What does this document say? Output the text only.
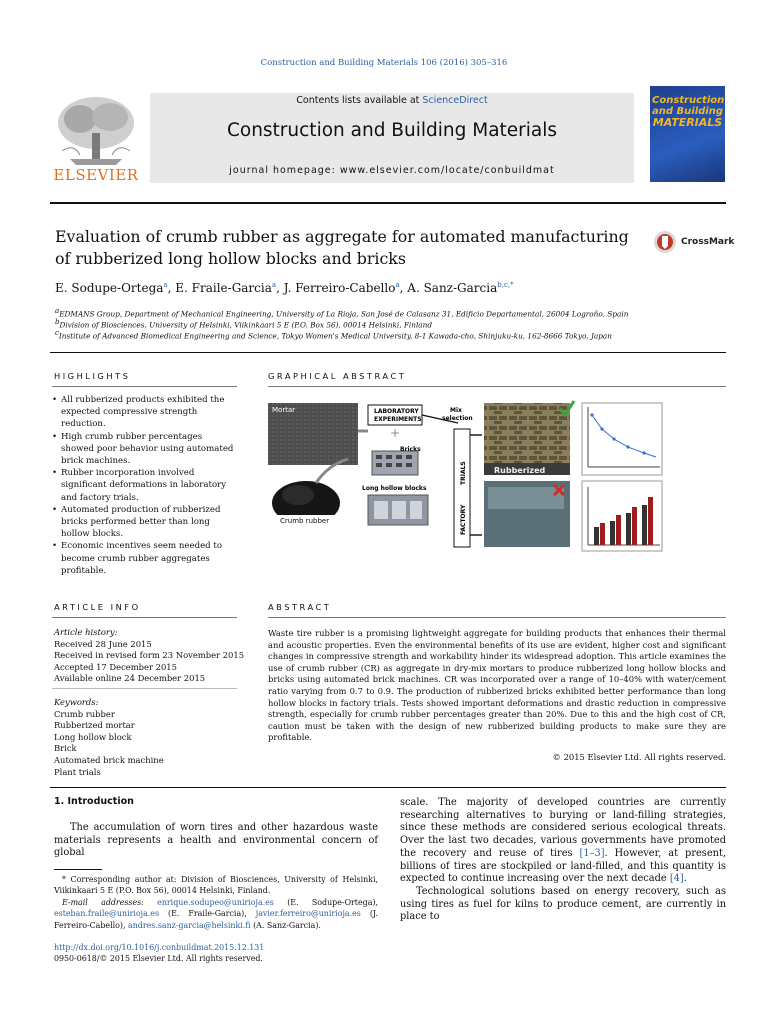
Construction and Building Materials 106 (2016) 305–316
ELSEVIER
Contents lists available at ScienceDirect
Construction and Building Materials
journal homepage: www.elsevier.com/locate/conbuildmat
Construction
and Building
MATERIALS
Evaluation of crumb rubber as aggregate for automated manufacturing of rubberized long hollow blocks and bricks
CrossMark
E. Sodupe-Ortega$^a$, E. Fraile-Garcia$^a$, J. Ferreiro-Cabello$^a$, A. Sanz-Garcia$^{b,c,*}$
$^a$EDMANS Group, Department of Mechanical Engineering, University of La Rioja, San José de Calasanz 31, Edificio Departamental, 26004 Logroño, Spain
$^b$Division of Biosciences, University of Helsinki, Viikinkaari 5 E (P.O. Box 56), 00014 Helsinki, Finland
$^c$Institute of Advanced Biomedical Engineering and Science, Tokyo Women's Medical University, 8-1 Kawada-cho, Shinjuku-ku, 162-8666 Tokyo, Japan
HIGHLIGHTS
• All rubberized products exhibited the expected compressive strength reduction.
• High crumb rubber percentages showed poor behavior using automated brick machines.
• Rubber incorporation involved significant deformations in laboratory and factory trials.
• Automated production of rubberized bricks performed better than long hollow blocks.
• Economic incentives seem needed to become crumb rubber aggregates profitable.
GRAPHICAL ABSTRACT
Mortar
Crumb rubber
LABORATORY
EXPERIMENTS
+
Mix
selection
Bricks
Long hollow blocks
TRIALS
FACTORY
Rubberized
ARTICLE INFO
Article history:
Received 28 June 2015
Received in revised form 23 November 2015
Accepted 17 December 2015
Available online 24 December 2015
Keywords:
Crumb rubber
Rubberized mortar
Long hollow block
Brick
Automated brick machine
Plant trials
ABSTRACT
Waste tire rubber is a promising lightweight aggregate for building products that enhances their thermal and acoustic properties. Even the environmental benefits of its use are evident, higher cost and significant changes in compressive strength and workability hinder its widespread adoption. This article examines the use of crumb rubber (CR) as aggregate in dry-mix mortars to produce rubberized long hollow blocks and bricks using automated brick machines. CR was incorporated over a range of 10–40% with water/cement ratio varying from 0.7 to 0.9. The production of rubberized bricks exhibited better performance than long hollow blocks in factory trials. Tests showed important deformations and drastic reduction in compressive strength, especially for crumb rubber percentages greater than 20%. Due to this and the high cost of CR, caution must be taken with the design of new rubberized building products to make sure they are profitable.
© 2015 Elsevier Ltd. All rights reserved.
1. Introduction
The accumulation of worn tires and other hazardous waste materials represents a health and environmental concern of global

scale. The majority of developed countries are currently researching alternatives to burying or land-filling strategies, since these methods are considered serious ecological threats. Over the last two decades, various governments have promoted the recovery and reuse of tires [1–3]. However, at present, billions of tires are stockpiled or land-filled, and this quantity is expected to continue increasing over the next decade [4].

Technological solutions based on energy recovery, such as using tires as fuel for kilns to produce cement, are currently in place to

* Corresponding author at: Division of Biosciences, University of Helsinki, Viikinkaari 5 E (P.O. Box 56), 00014 Helsinki, Finland.
E-mail addresses: enrique.sodupeo@unirioja.es (E. Sodupe-Ortega), esteban.fraile@unirioja.es (E. Fraile-Garcia), javier.ferreiro@unirioja.es (J. Ferreiro-Cabello), andres.sanz-garcia@helsinki.fi (A. Sanz-Garcia).
http://dx.doi.org/10.1016/j.conbuildmat.2015.12.131
0950-0618/© 2015 Elsevier Ltd. All rights reserved.
